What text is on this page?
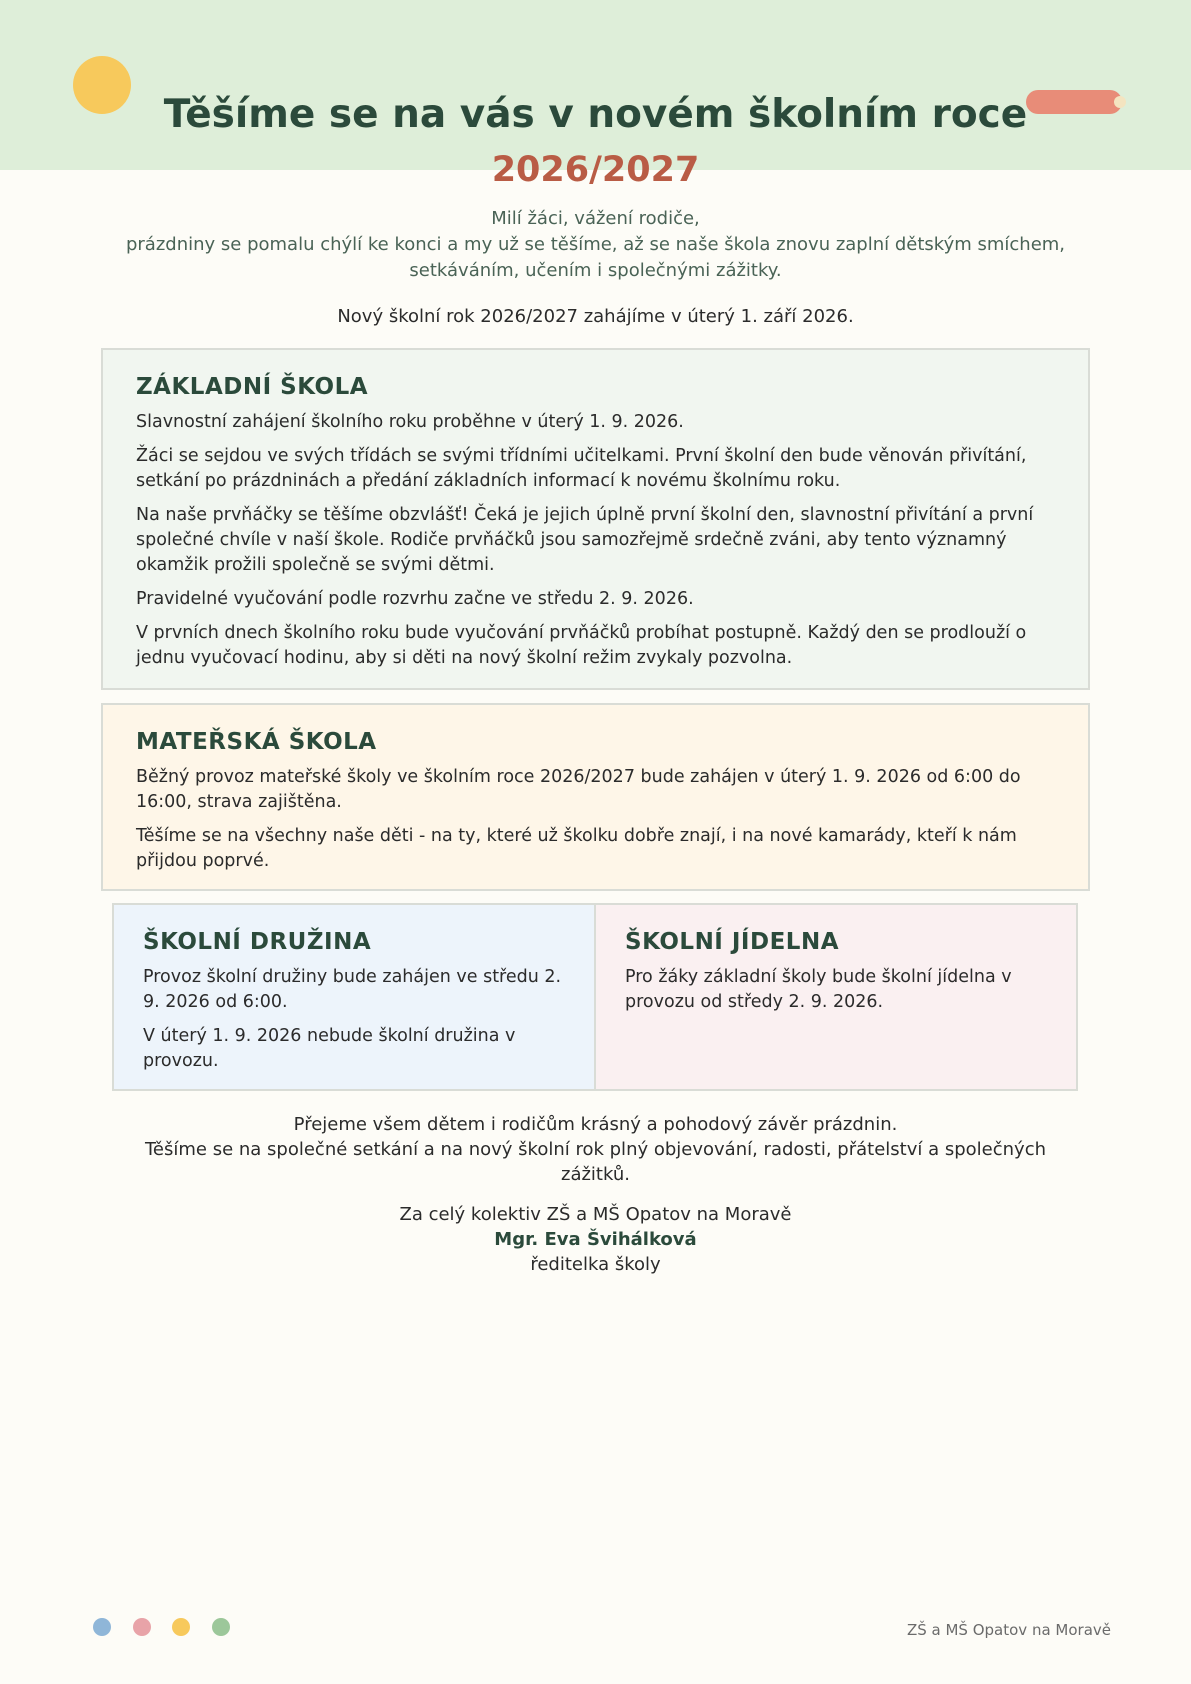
Těšíme se na vás v novém školním roce
2026/2027

Milí žáci, vážení rodiče,

prázdniny se pomalu chýlí ke konci a my už se těšíme, až se naše škola znovu zaplní dětským smíchem, setkáváním, učením i společnými zážitky.

Nový školní rok 2026/2027 zahájíme v úterý 1. září 2026.

ZÁKLADNÍ ŠKOLA

Slavnostní zahájení školního roku proběhne v úterý 1. 9. 2026.

Žáci se sejdou ve svých třídách se svými třídními učitelkami. První školní den bude věnován přivítání, setkání po prázdninách a předání základních informací k novému školnímu roku.

Na naše prvňáčky se těšíme obzvlášť! Čeká je jejich úplně první školní den, slavnostní přivítání a první společné chvíle v naší škole. Rodiče prvňáčků jsou samozřejmě srdečně zváni, aby tento významný okamžik prožili společně se svými dětmi.

Pravidelné vyučování podle rozvrhu začne ve středu 2. 9. 2026.

V prvních dnech školního roku bude vyučování prvňáčků probíhat postupně. Každý den se prodlouží o jednu vyučovací hodinu, aby si děti na nový školní režim zvykaly pozvolna.

MATEŘSKÁ ŠKOLA

Běžný provoz mateřské školy ve školním roce 2026/2027 bude zahájen v úterý 1. 9. 2026 od 6:00 do 16:00, strava zajištěna.

Těšíme se na všechny naše děti - na ty, které už školku dobře znají, i na nové kamarády, kteří k nám přijdou poprvé.

ŠKOLNÍ DRUŽINA

Provoz školní družiny bude zahájen ve středu 2. 9. 2026 od 6:00.

V úterý 1. 9. 2026 nebude školní družina v provozu.

ŠKOLNÍ JÍDELNA

Pro žáky základní školy bude školní jídelna v provozu od středy 2. 9. 2026.

Přejeme všem dětem i rodičům krásný a pohodový závěr prázdnin.

Těšíme se na společné setkání a na nový školní rok plný objevování, radosti, přátelství a společných zážitků.

Za celý kolektiv ZŠ a MŠ Opatov na Moravě

Mgr. Eva Švihálková

ředitelka školy

ZŠ a MŠ Opatov na Moravě
